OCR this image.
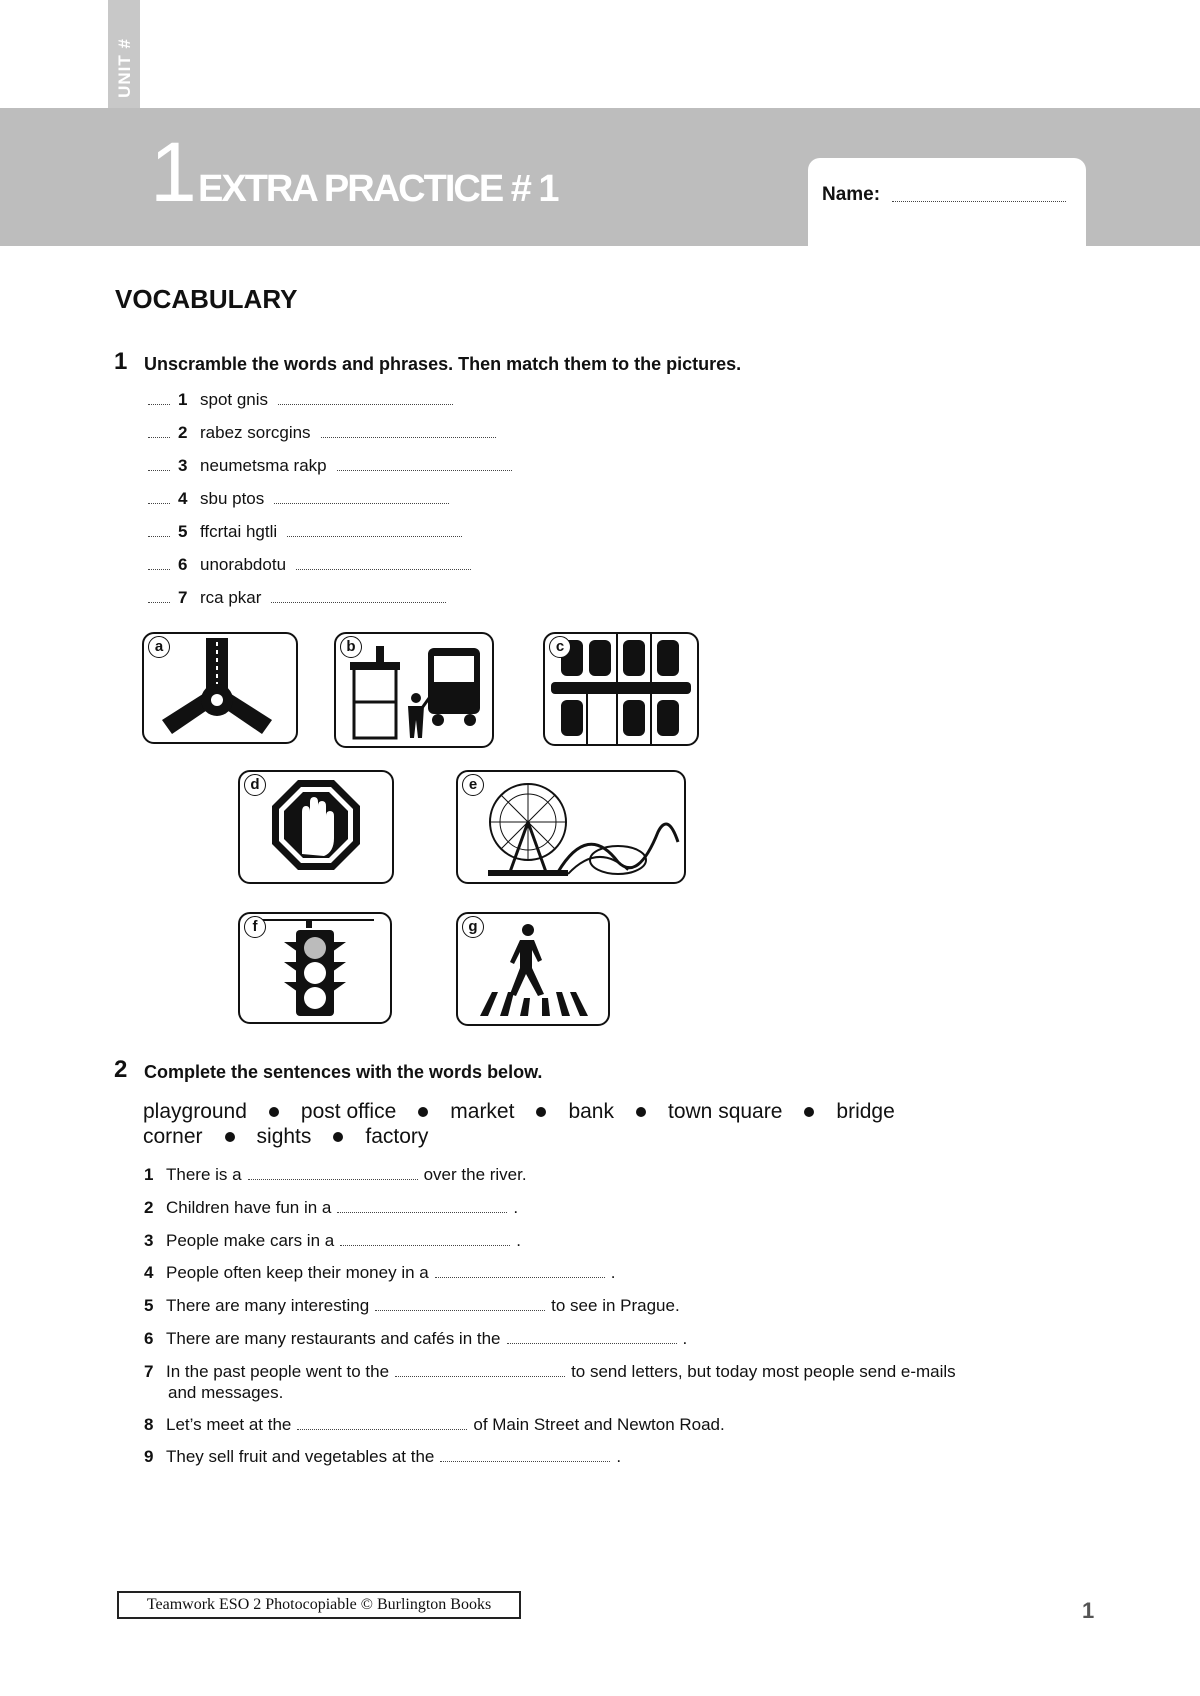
UNIT #
1 EXTRA PRACTICE # 1	Name:
VOCABULARY
1 Unscramble the words and phrases. Then match them to the pictures.
1 spot gnis
2 rabez sorcgins
3 neumetsma rakp
4 sbu ptos
5 ffcrtai hgtli
6 unorabdotu
7 rca pkar
a	b	c
d	e
f	g
2 Complete the sentences with the words below.
playground	post office	market	bank	town square	bridge
corner	sights	factory
1 There is a	over the river.
2 Children have fun in a	.
3 People make cars in a	.
4 People often keep their money in a	.
5 There are many interesting	to see in Prague.
6 There are many restaurants and cafés in the	.
7 In the past people went to the	to send letters, but today most people send e-mails
and messages.
8 Let’s meet at the	of Main Street and Newton Road.
9 They sell fruit and vegetables at the	.
Teamwork ESO 2 Photocopiable © Burlington Books	1
